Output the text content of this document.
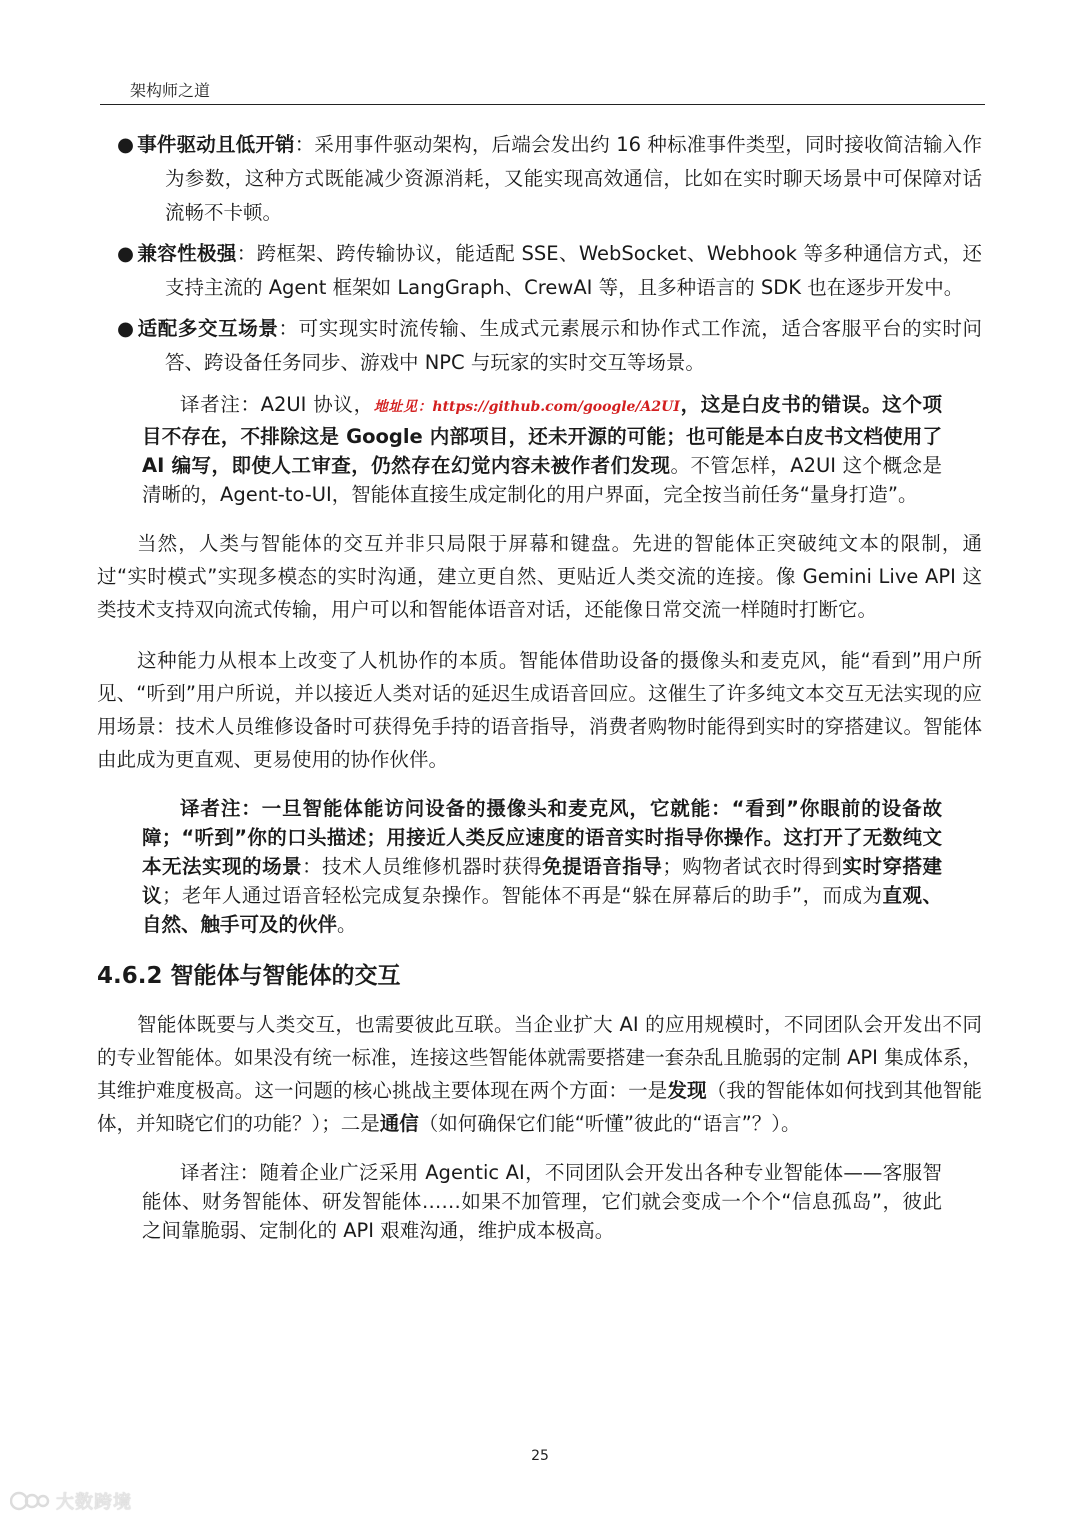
架构师之道
● 事件驱动且低开销：采用事件驱动架构，后端会发出约 16 种标准事件类型，同时接收简洁输入作为参数，这种方式既能减少资源消耗，又能实现高效通信，比如在实时聊天场景中可保障对话流畅不卡顿。
● 兼容性极强：跨框架、跨传输协议，能适配 SSE、WebSocket、Webhook 等多种通信方式，还支持主流的 Agent 框架如 LangGraph、CrewAI 等，且多种语言的 SDK 也在逐步开发中。
● 适配多交互场景：可实现实时流传输、生成式元素展示和协作式工作流，适合客服平台的实时问答、跨设备任务同步、游戏中 NPC 与玩家的实时交互等场景。
译者注：A2UI 协议，地址见：https://github.com/google/A2UI，这是白皮书的错误。这个项目不存在，不排除这是 Google 内部项目，还未开源的可能；也可能是本白皮书文档使用了 AI 编写，即使人工审查，仍然存在幻觉内容未被作者们发现。不管怎样，A2UI 这个概念是清晰的，Agent-to-UI，智能体直接生成定制化的用户界面，完全按当前任务“量身打造”。

当然，人类与智能体的交互并非只局限于屏幕和键盘。先进的智能体正突破纯文本的限制，通过“实时模式”实现多模态的实时沟通，建立更自然、更贴近人类交流的连接。像 Gemini Live API 这类技术支持双向流式传输，用户可以和智能体语音对话，还能像日常交流一样随时打断它。

这种能力从根本上改变了人机协作的本质。智能体借助设备的摄像头和麦克风，能“看到”用户所见、“听到”用户所说，并以接近人类对话的延迟生成语音回应。这催生了许多纯文本交互无法实现的应用场景：技术人员维修设备时可获得免手持的语音指导，消费者购物时能得到实时的穿搭建议。智能体由此成为更直观、更易使用的协作伙伴。

译者注：一旦智能体能访问设备的摄像头和麦克风，它就能：“看到”你眼前的设备故障；“听到”你的口头描述；用接近人类反应速度的语音实时指导你操作。这打开了无数纯文本无法实现的场景：技术人员维修机器时获得免提语音指导；购物者试衣时得到实时穿搭建议；老年人通过语音轻松完成复杂操作。智能体不再是“躲在屏幕后的助手”，而成为直观、自然、触手可及的伙伴。
4.6.2 智能体与智能体的交互

智能体既要与人类交互，也需要彼此互联。当企业扩大 AI 的应用规模时，不同团队会开发出不同的专业智能体。如果没有统一标准，连接这些智能体就需要搭建一套杂乱且脆弱的定制 API 集成体系，其维护难度极高。这一问题的核心挑战主要体现在两个方面：一是发现（我的智能体如何找到其他智能体，并知晓它们的功能？）；二是通信（如何确保它们能“听懂”彼此的“语言”？）。

译者注：随着企业广泛采用 Agentic AI，不同团队会开发出各种专业智能体——客服智能体、财务智能体、研发智能体……如果不加管理，它们就会变成一个个“信息孤岛”，彼此之间靠脆弱、定制化的 API 艰难沟通，维护成本极高。
25
大数跨境
